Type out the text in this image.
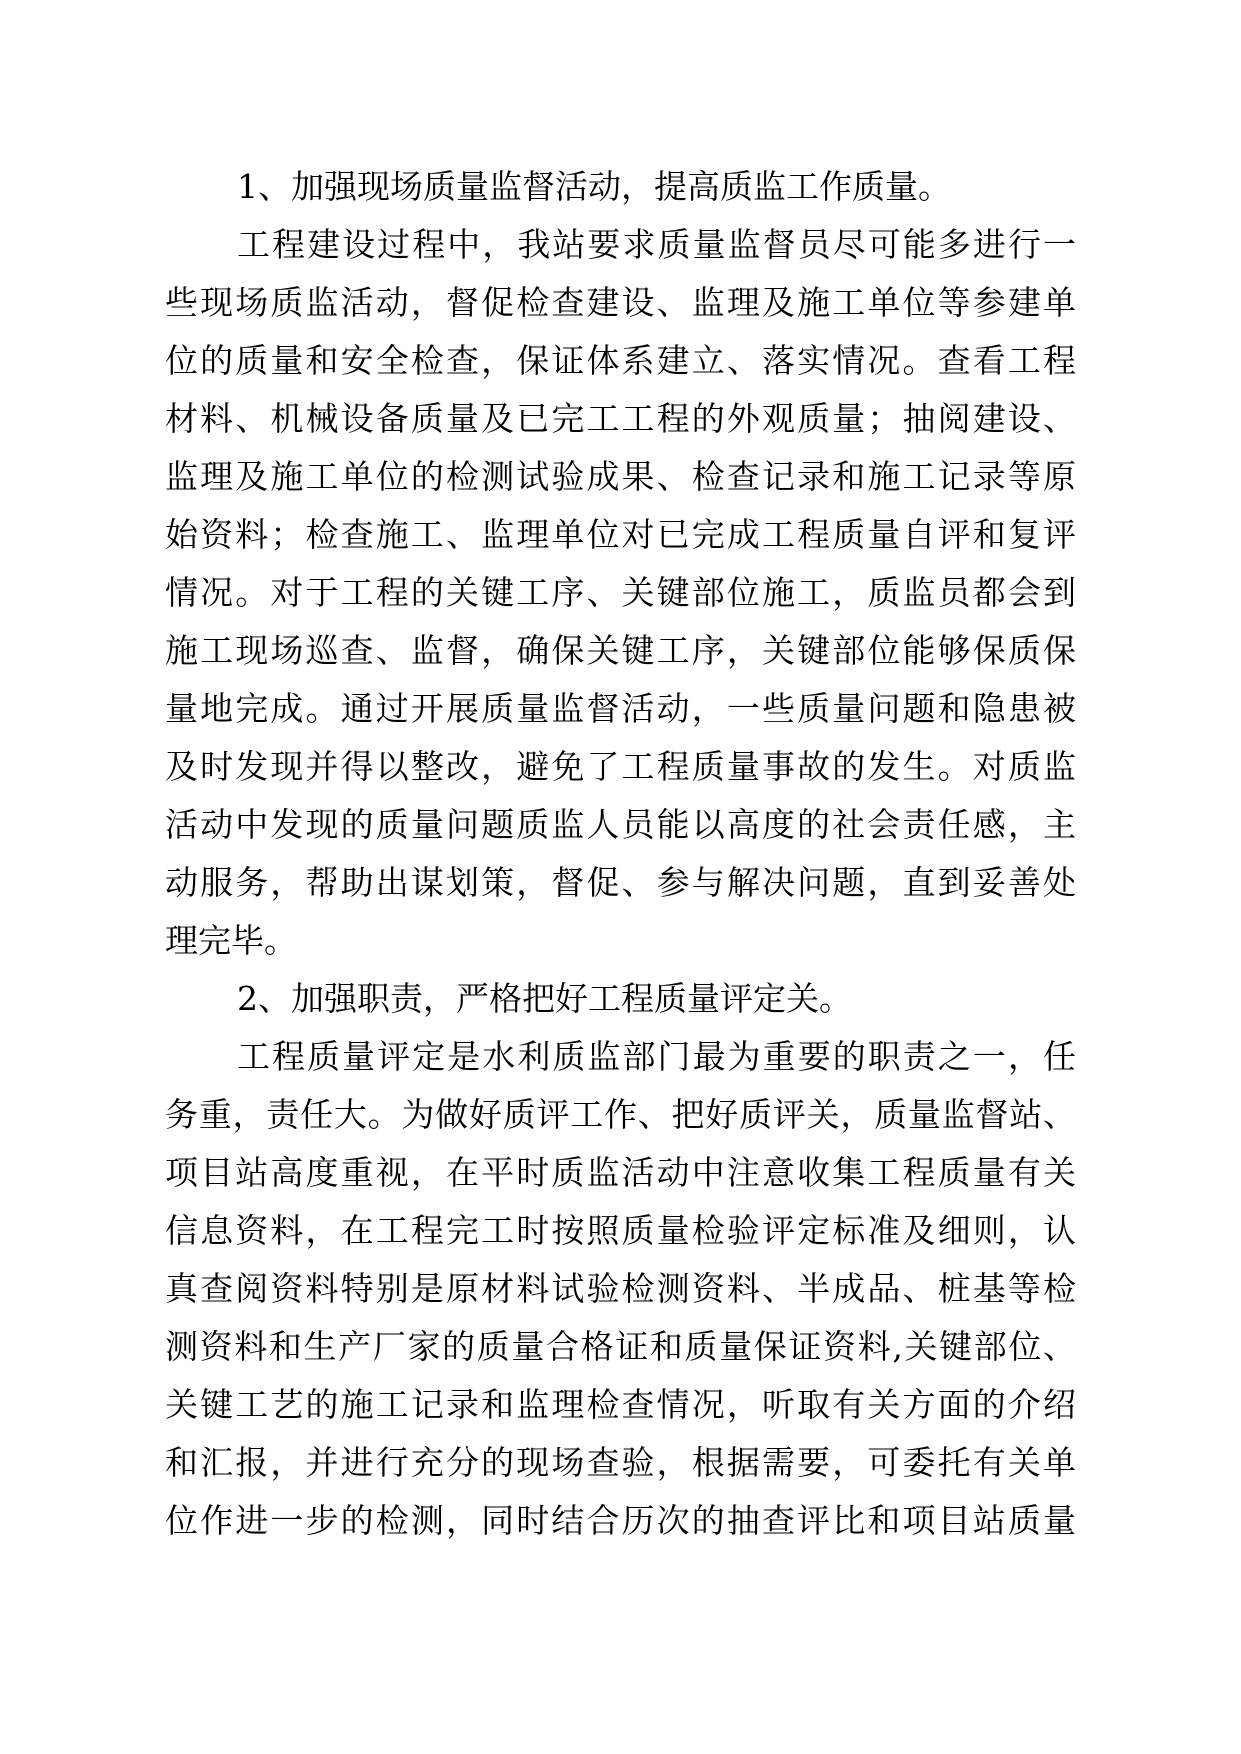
1、加强现场质量监督活动，提高质监工作质量。
工程建设过程中，我站要求质量监督员尽可能多进行一
些现场质监活动，督促检查建设、监理及施工单位等参建单
位的质量和安全检查，保证体系建立、落实情况。查看工程
材料、机械设备质量及已完工工程的外观质量；抽阅建设、
监理及施工单位的检测试验成果、检查记录和施工记录等原
始资料；检查施工、监理单位对已完成工程质量自评和复评
情况。对于工程的关键工序、关键部位施工，质监员都会到
施工现场巡查、监督，确保关键工序，关键部位能够保质保
量地完成。通过开展质量监督活动，一些质量问题和隐患被
及时发现并得以整改，避免了工程质量事故的发生。对质监
活动中发现的质量问题质监人员能以高度的社会责任感，主
动服务，帮助出谋划策，督促、参与解决问题，直到妥善处
理完毕。
2、加强职责，严格把好工程质量评定关。
工程质量评定是水利质监部门最为重要的职责之一，任
务重，责任大。为做好质评工作、把好质评关，质量监督站、
项目站高度重视，在平时质监活动中注意收集工程质量有关
信息资料，在工程完工时按照质量检验评定标准及细则，认
真查阅资料特别是原材料试验检测资料、半成品、桩基等检
测资料和生产厂家的质量合格证和质量保证资料,关键部位、
关键工艺的施工记录和监理检查情况，听取有关方面的介绍
和汇报，并进行充分的现场查验，根据需要，可委托有关单
位作进一步的检测，同时结合历次的抽查评比和项目站质量
